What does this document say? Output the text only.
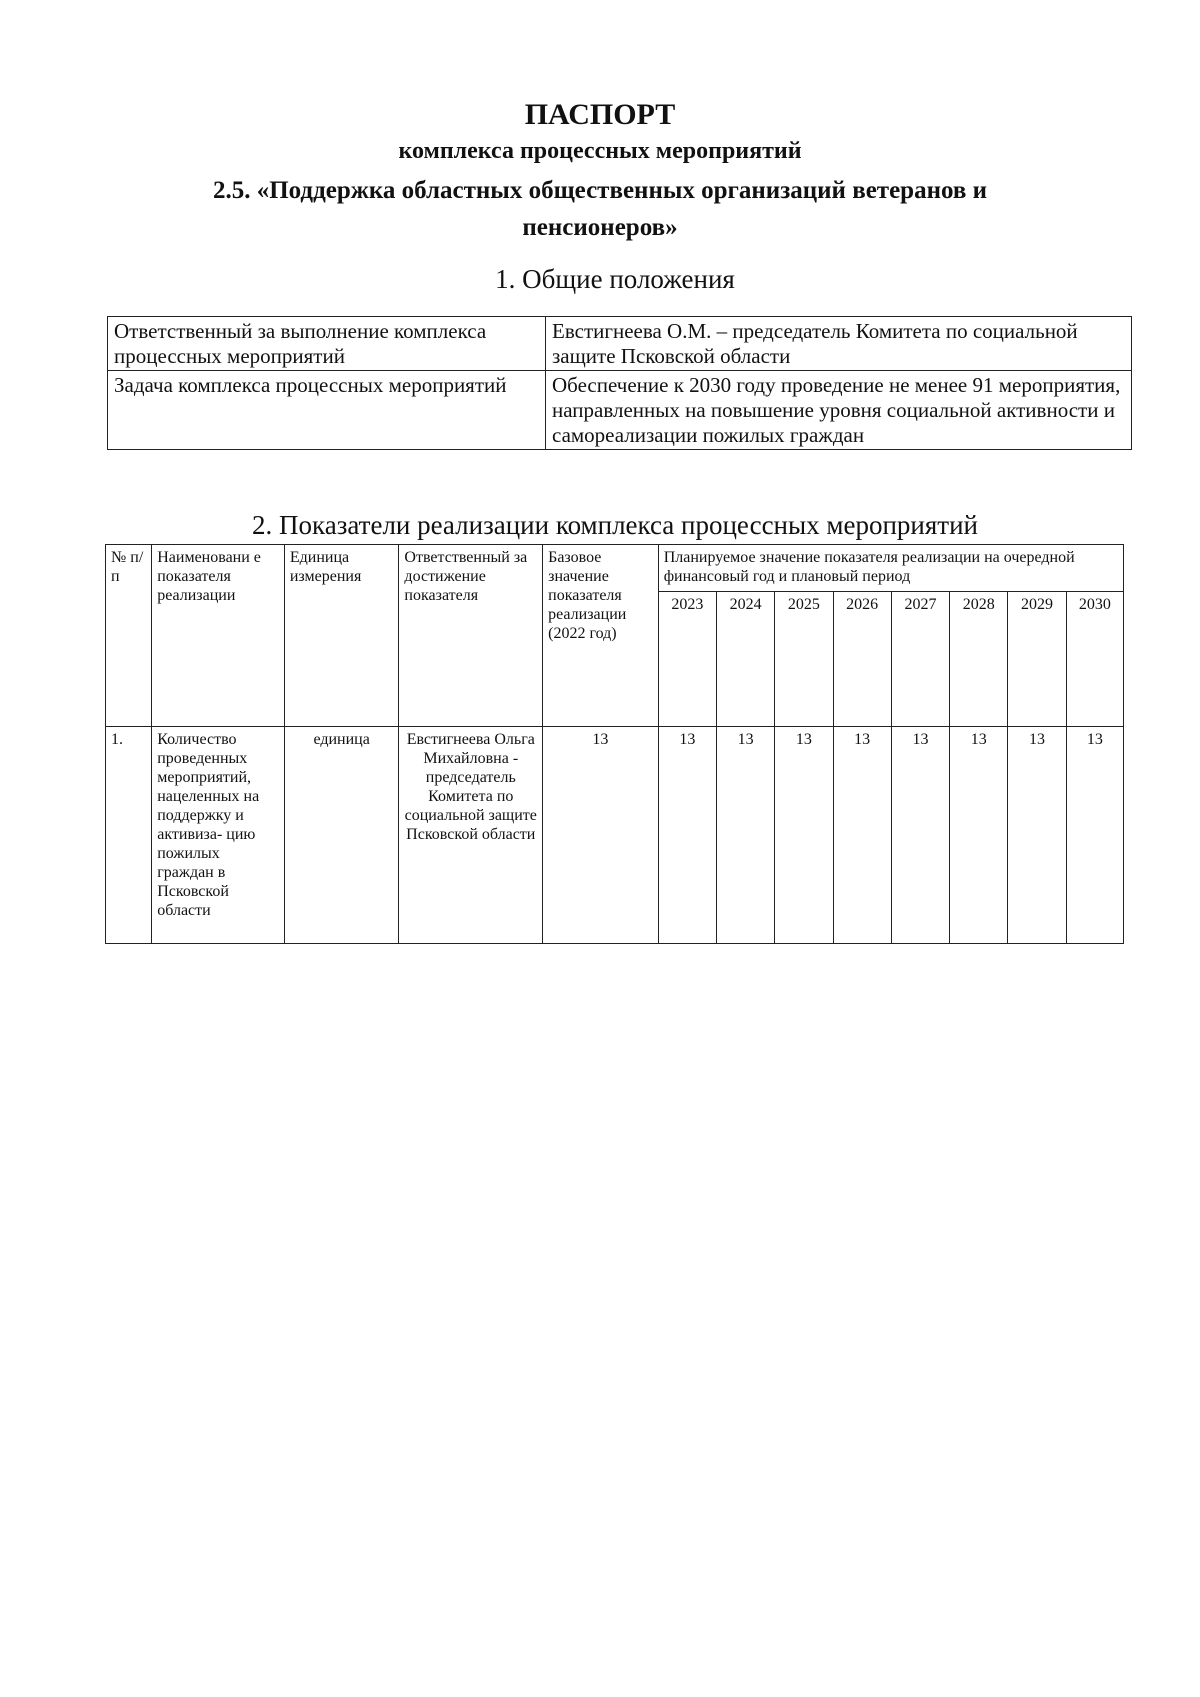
ПАСПОРТ
комплекса процессных мероприятий
2.5. «Поддержка областных общественных организаций ветеранов и пенсионеров»
1. Общие положения
Ответственный за выполнение комплекса процессных мероприятий	Евстигнеева О.М. – председатель Комитета по социальной защите Псковской области
Задача комплекса процессных мероприятий	Обеспечение к 2030 году проведение не менее 91 мероприятия, направленных на повышение уровня социальной активности и самореализации пожилых граждан
2. Показатели реализации комплекса процессных мероприятий
№ п/п	Наименовани е показателя реализации	Единица измерения	Ответственный за достижение показателя	Базовое значение показателя реализации (2022 год)	Планируемое значение показателя реализации на очередной финансовый год и плановый период							
					2023	2024	2025	2026	2027	2028	2029	2030
1.	Количество проведенных мероприятий, нацеленных на поддержку и активиза- цию пожилых граждан в Псковской области	единица	Евстигнеева Ольга Михайловна - председатель Комитета по социальной защите Псковской области	13	13	13	13	13	13	13	13	13
